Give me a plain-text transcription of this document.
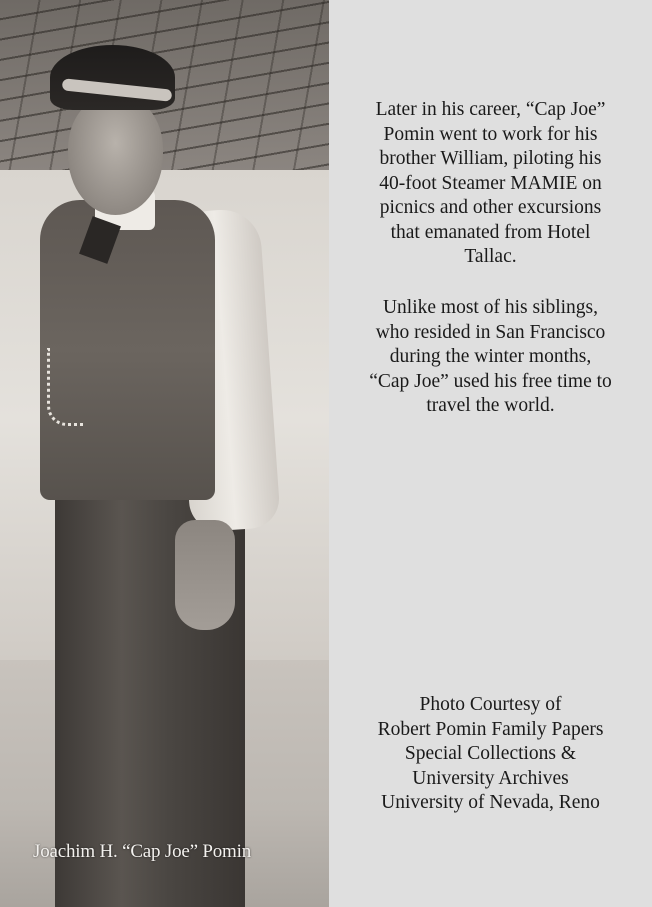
Joachim H. “Cap Joe” Pomin
Later in his career, “Cap Joe”
Pomin went to work for his
brother William, piloting his
40-foot Steamer MAMIE on
picnics and other excursions
that emanated from Hotel
Tallac.
Unlike most of his siblings,
who resided in San Francisco
during the winter months,
“Cap Joe” used his free time to
travel the world.
Photo Courtesy of
Robert Pomin Family Papers
Special Collections &
University Archives
University of Nevada, Reno
